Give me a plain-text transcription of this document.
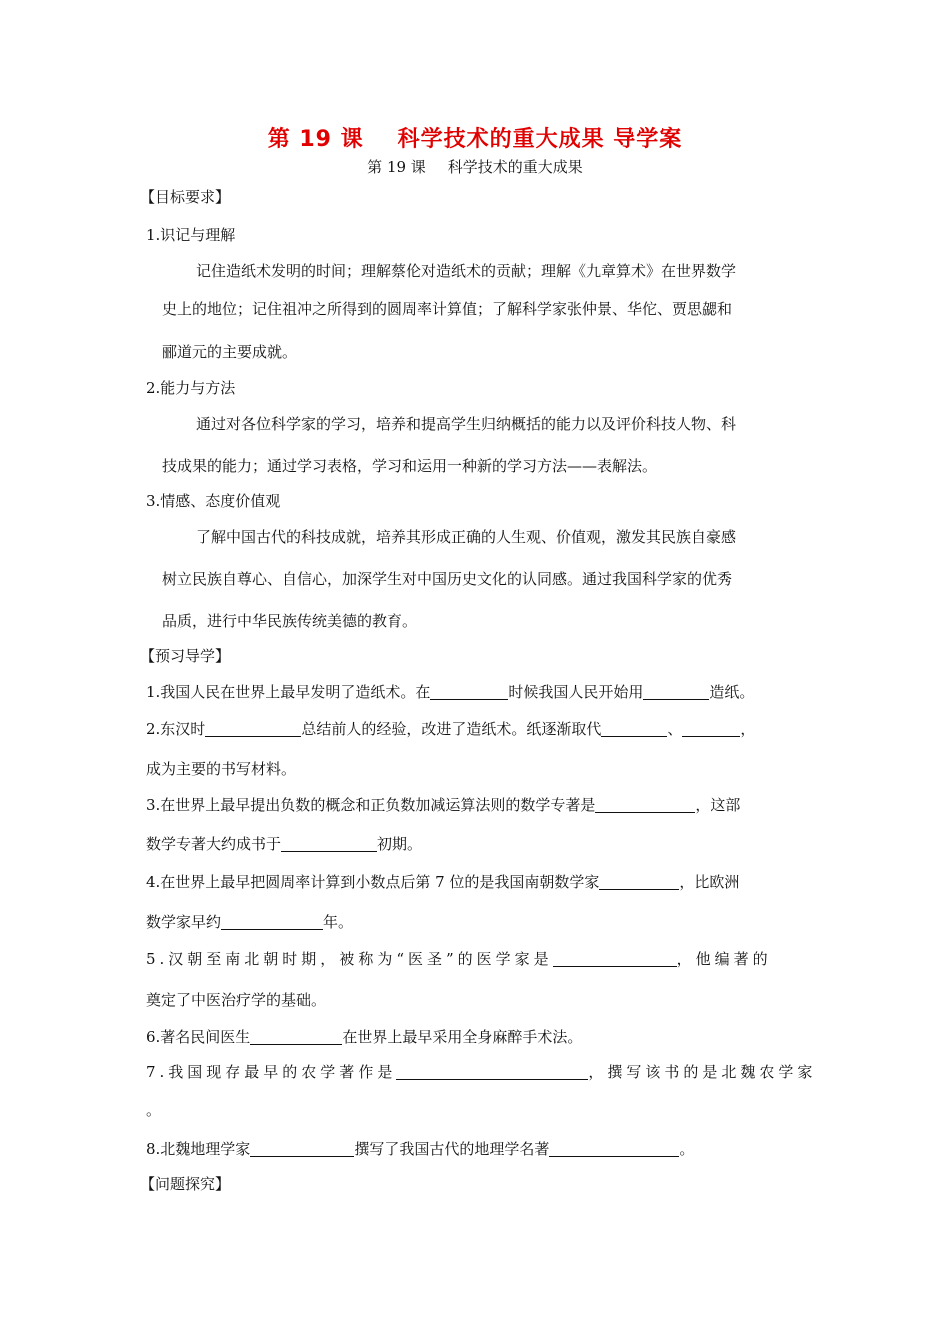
第 19 课 科学技术的重大成果 导学案
第 19 课 科学技术的重大成果
【目标要求】
1.识记与理解
记住造纸术发明的时间；理解蔡伦对造纸术的贡献；理解《九章算术》在世界数学
史上的地位；记住祖冲之所得到的圆周率计算值；了解科学家张仲景、华佗、贾思勰和
郦道元的主要成就。
2.能力与方法
通过对各位科学家的学习，培养和提高学生归纳概括的能力以及评价科技人物、科
技成果的能力；通过学习表格，学习和运用一种新的学习方法——表解法。
3.情感、态度价值观
了解中国古代的科技成就，培养其形成正确的人生观、价值观，激发其民族自豪感
树立民族自尊心、自信心，加深学生对中国历史文化的认同感。通过我国科学家的优秀
品质，进行中华民族传统美德的教育。
【预习导学】
1.我国人民在世界上最早发明了造纸术。在	时候我国人民开始用	造纸。
2.东汉时	总结前人的经验，改进了造纸术。纸逐渐取代	、	，
成为主要的书写材料。
3.在世界上最早提出负数的概念和正负数加减运算法则的数学专著是	，这部
数学专著大约成书于	初期。
4.在世界上最早把圆周率计算到小数点后第 7 位的是我国南朝数学家	，比欧洲
数学家早约	年。
5.汉朝至南北朝时期，被称为“医圣”的医学家是	，他编著的
奠定了中医治疗学的基础。
6.著名民间医生	在世界上最早采用全身麻醉手术法。
7.我国现存最早的农学著作是	，撰写该书的是北魏农学家
。
8.北魏地理学家	撰写了我国古代的地理学名著	。
【问题探究】
